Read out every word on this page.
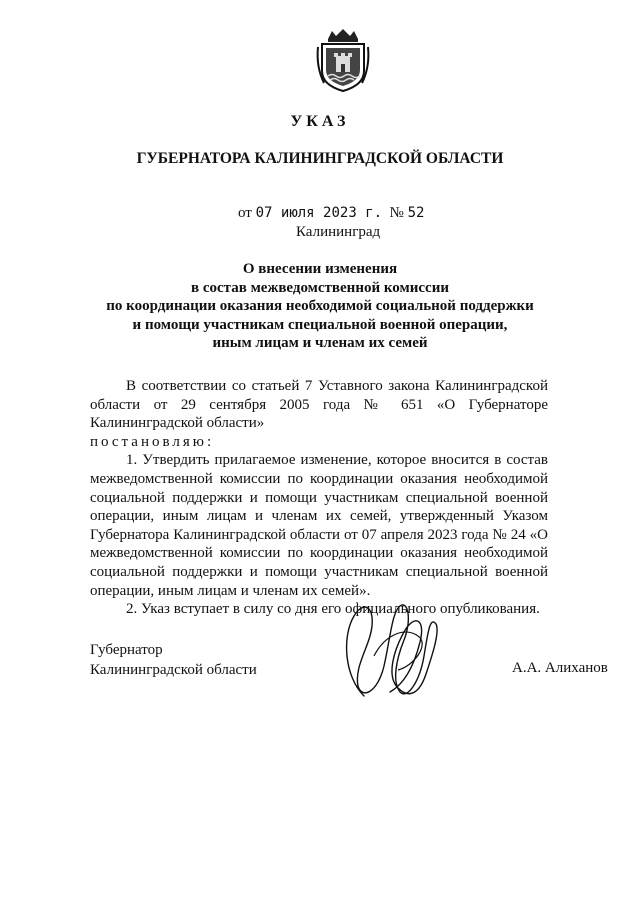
УКАЗ
ГУБЕРНАТОРА КАЛИНИНГРАДСКОЙ ОБЛАСТИ
от 07 июля 2023 г. № 52
Калининград
О внесении изменения
в состав межведомственной комиссии
по координации оказания необходимой социальной поддержки
и помощи участникам специальной военной операции,
иным лицам и членам их семей

В соответствии со статьей 7 Уставного закона Калининградской области от 29 сентября 2005 года № 651 «О Губернаторе Калининградской области»

постановляю:

1. Утвердить прилагаемое изменение, которое вносится в состав межведомственной комиссии по координации оказания необходимой социальной поддержки и помощи участникам специальной военной операции, иным лицам и членам их семей, утвержденный Указом Губернатора Калининградской области от 07 апреля 2023 года № 24 «О межведомственной комиссии по координации оказания необходимой социальной поддержки и помощи участникам специальной военной операции, иным лицам и членам их семей».

2. Указ вступает в силу со дня его официального опубликования.

Губернатор
Калининградской области	А.А. Алиханов
